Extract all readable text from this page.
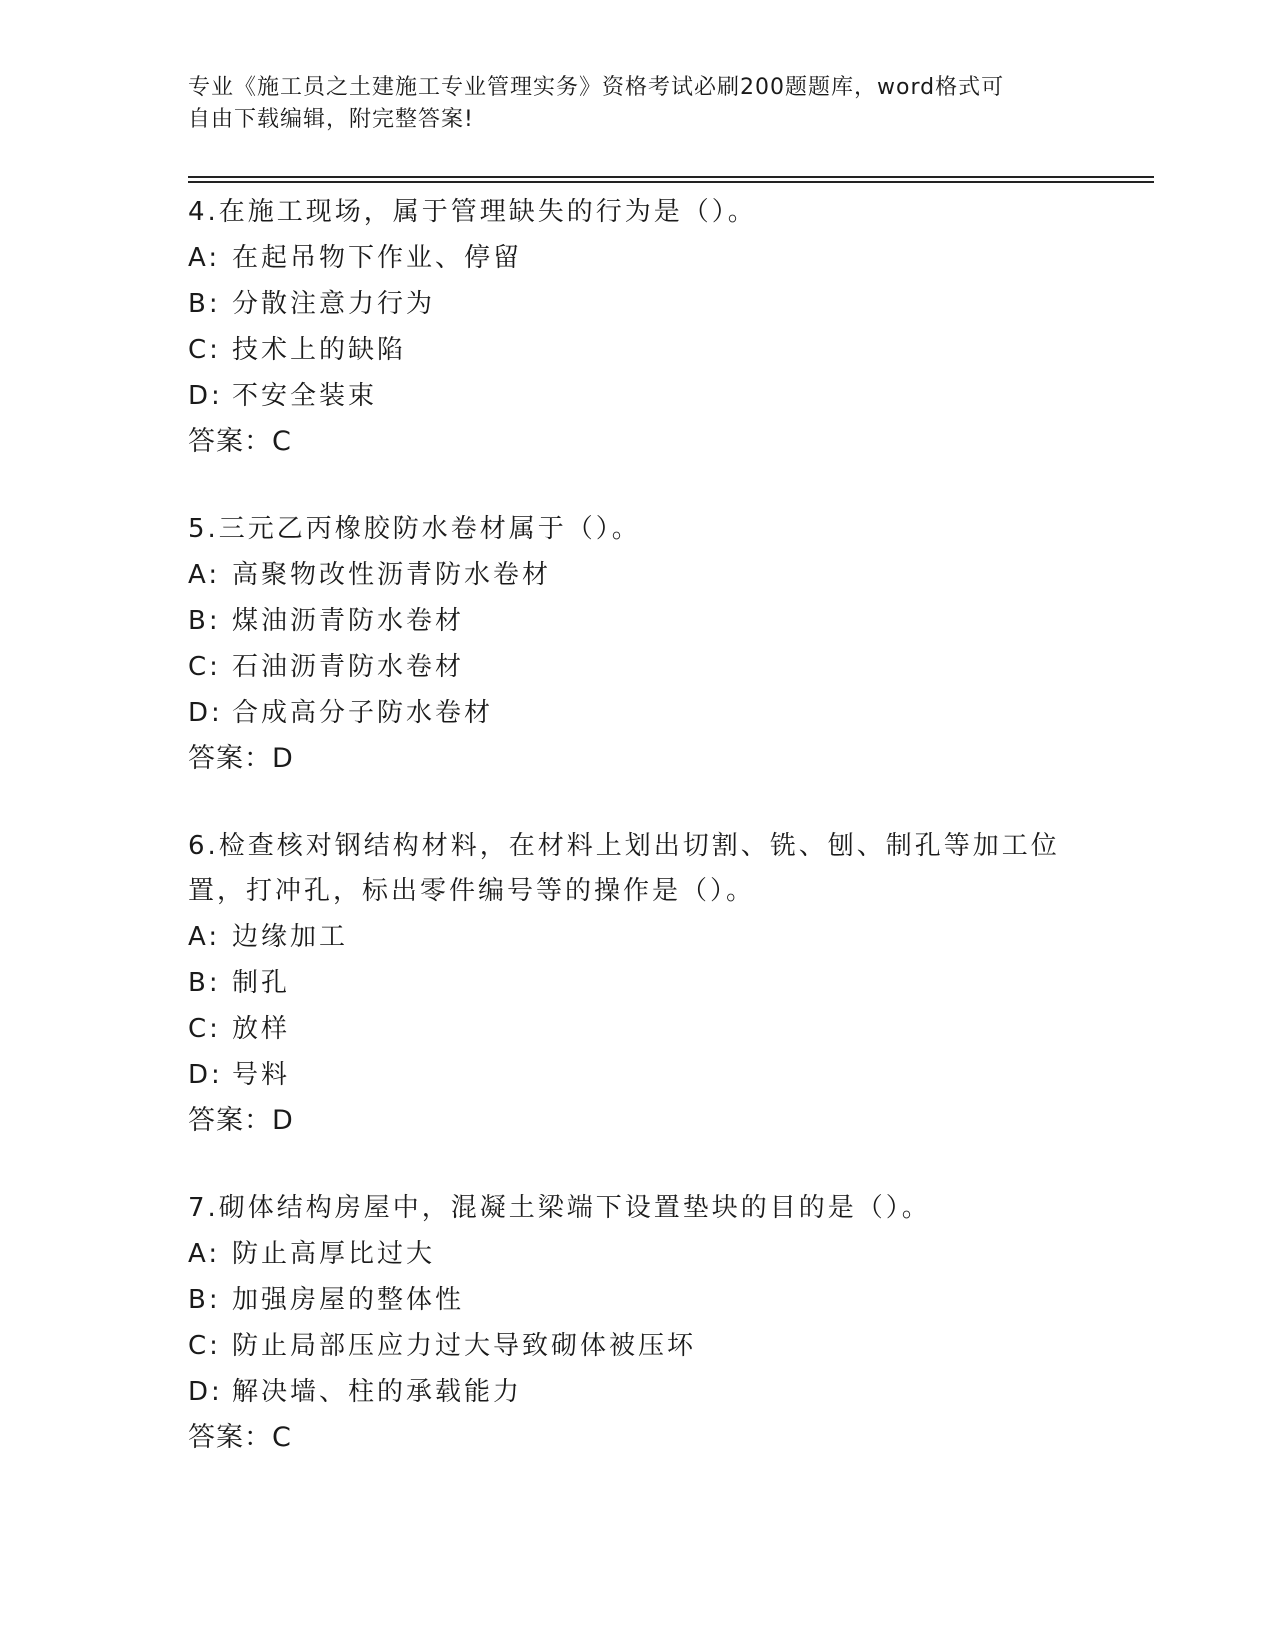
专业《施工员之土建施工专业管理实务》资格考试必刷200题题库，word格式可
自由下载编辑，附完整答案!
4.在施工现场，属于管理缺失的行为是（）。
A: 在起吊物下作业、停留
B: 分散注意力行为
C: 技术上的缺陷
D: 不安全装束
答案：C
5.三元乙丙橡胶防水卷材属于（）。
A: 高聚物改性沥青防水卷材
B: 煤油沥青防水卷材
C: 石油沥青防水卷材
D: 合成高分子防水卷材
答案：D
6.检查核对钢结构材料，在材料上划出切割、铣、刨、制孔等加工位置，打冲孔，标出零件编号等的操作是（）。
A: 边缘加工
B: 制孔
C: 放样
D: 号料
答案：D
7.砌体结构房屋中，混凝土梁端下设置垫块的目的是（）。
A: 防止高厚比过大
B: 加强房屋的整体性
C: 防止局部压应力过大导致砌体被压坏
D: 解决墙、柱的承载能力
答案：C
